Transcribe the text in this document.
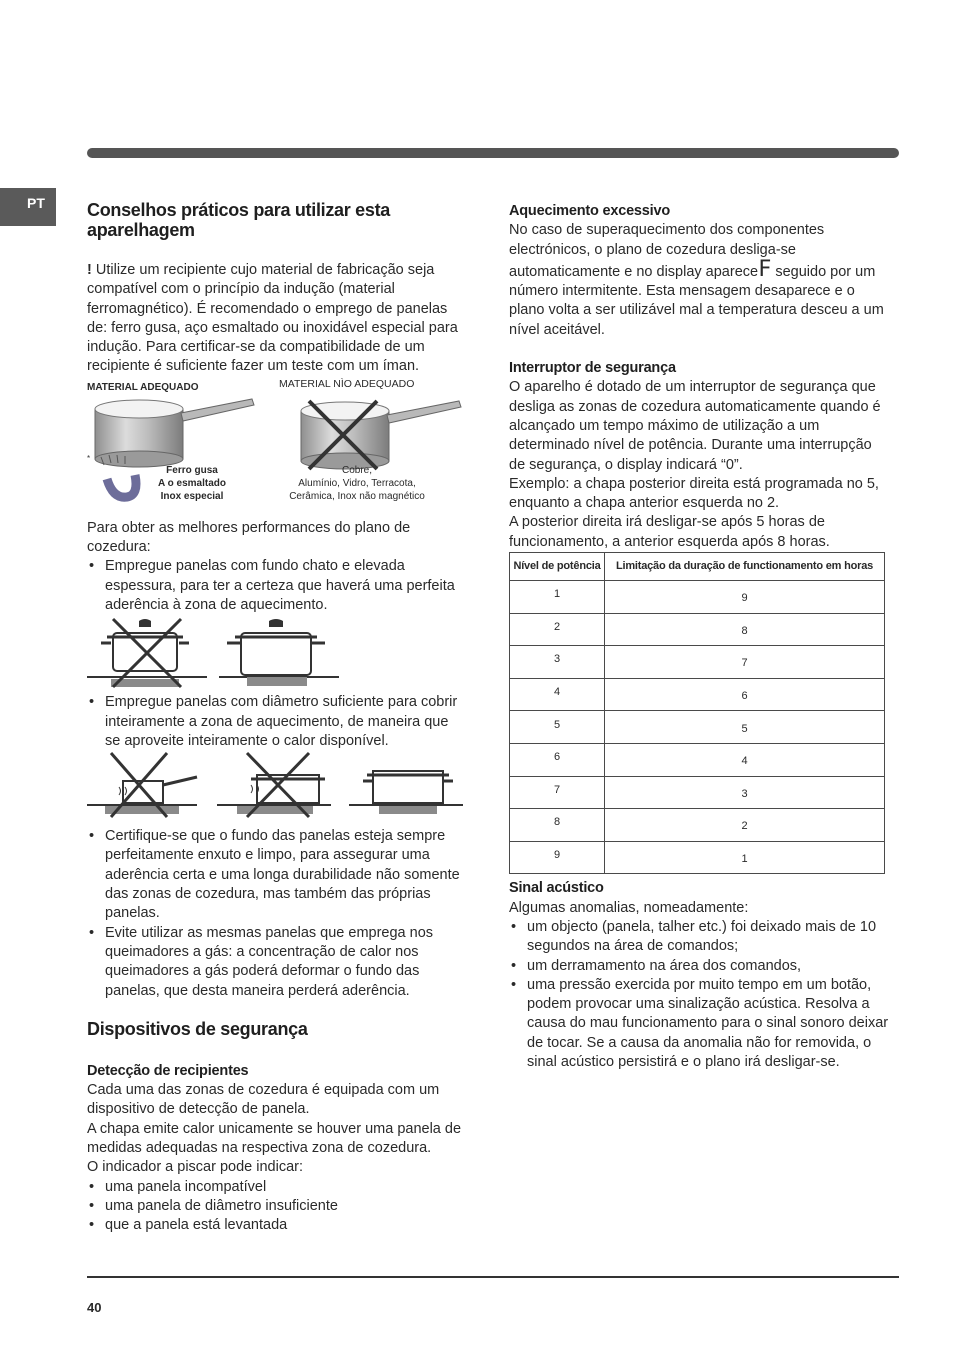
PT	Conselhos práticos para utilizar esta aparelhagem

! Utilize um recipiente cujo material de fabricação seja compatível com o princípio da indução (material ferromagnético). É recomendado o emprego de panelas de: ferro gusa, aço esmaltado ou inoxidável especial para indução. Para certificar-se da compatibilidade de um recipiente é suficiente fazer um teste com um íman.

MATERIAL ADEQUADO	MATERIAL NÌO ADEQUADO
*
Ferro gusa
A o esmaltado
Inox especial
Cobre,
Alumínio, Vidro, Terracota,
Cerâmica, Inox não magnético

Para obter as melhores performances do plano de cozedura:

• Empregue panelas com fundo chato e elevada espessura, para ter a certeza que haverá uma perfeita aderência à zona de aquecimento.
• Empregue panelas com diâmetro suficiente para cobrir inteiramente a zona de aquecimento, de maneira que se aproveite inteiramente o calor disponível.
• Certifique-se que o fundo das panelas esteja sempre perfeitamente enxuto e limpo, para assegurar uma aderência certa e uma longa durabilidade não somente das zonas de cozedura, mas também das próprias panelas.
• Evite utilizar as mesmas panelas que emprega nos queimadores a gás: a concentração de calor nos queimadores a gás poderá deformar o fundo das panelas, que desta maneira perderá aderência.
Dispositivos de segurança
Detecção de recipientes

Cada uma das zonas de cozedura é equipada com um dispositivo de detecção de panela.

A chapa emite calor unicamente se houver uma panela de medidas adequadas na respectiva zona de cozedura.

O indicador a piscar pode indicar:

• uma panela incompatível
• uma panela de diâmetro insuficiente
• que a panela está levantada
Aquecimento excessivo

No caso de superaquecimento dos componentes electrónicos, o plano de cozedura desliga-se automaticamente e no display apareceF seguido por um número intermitente. Esta mensagem desaparece e o plano volta a ser utilizável mal a temperatura desceu a um nível aceitável.

Interruptor de segurança

O aparelho é dotado de um interruptor de segurança que desliga as zonas de cozedura automaticamente quando é alcançado um tempo máximo de utilização a um determinado nível de potência. Durante uma interrupção de segurança, o display indicará “0”.

Exemplo: a chapa posterior direita está programada no 5, enquanto a chapa anterior esquerda no 2.

A posterior direita irá desligar-se após 5 horas de funcionamento, a anterior esquerda após 8 horas.

Nível de potência	Limitação da duração de functionamento em horas
1	9
2	8
3	7
4	6
5	5
6	4
7	3
8	2
9	1
Sinal acústico

Algumas anomalias, nomeadamente:

• um objecto (panela, talher etc.) foi deixado mais de 10 segundos na área de comandos;
• um derramamento na área dos comandos,
• uma pressão exercida por muito tempo em um botão, podem provocar uma sinalização acústica. Resolva a causa do mau funcionamento para o sinal sonoro deixar de tocar. Se a causa da anomalia não for removida, o sinal acústico persistirá e o plano irá desligar-se.
40
